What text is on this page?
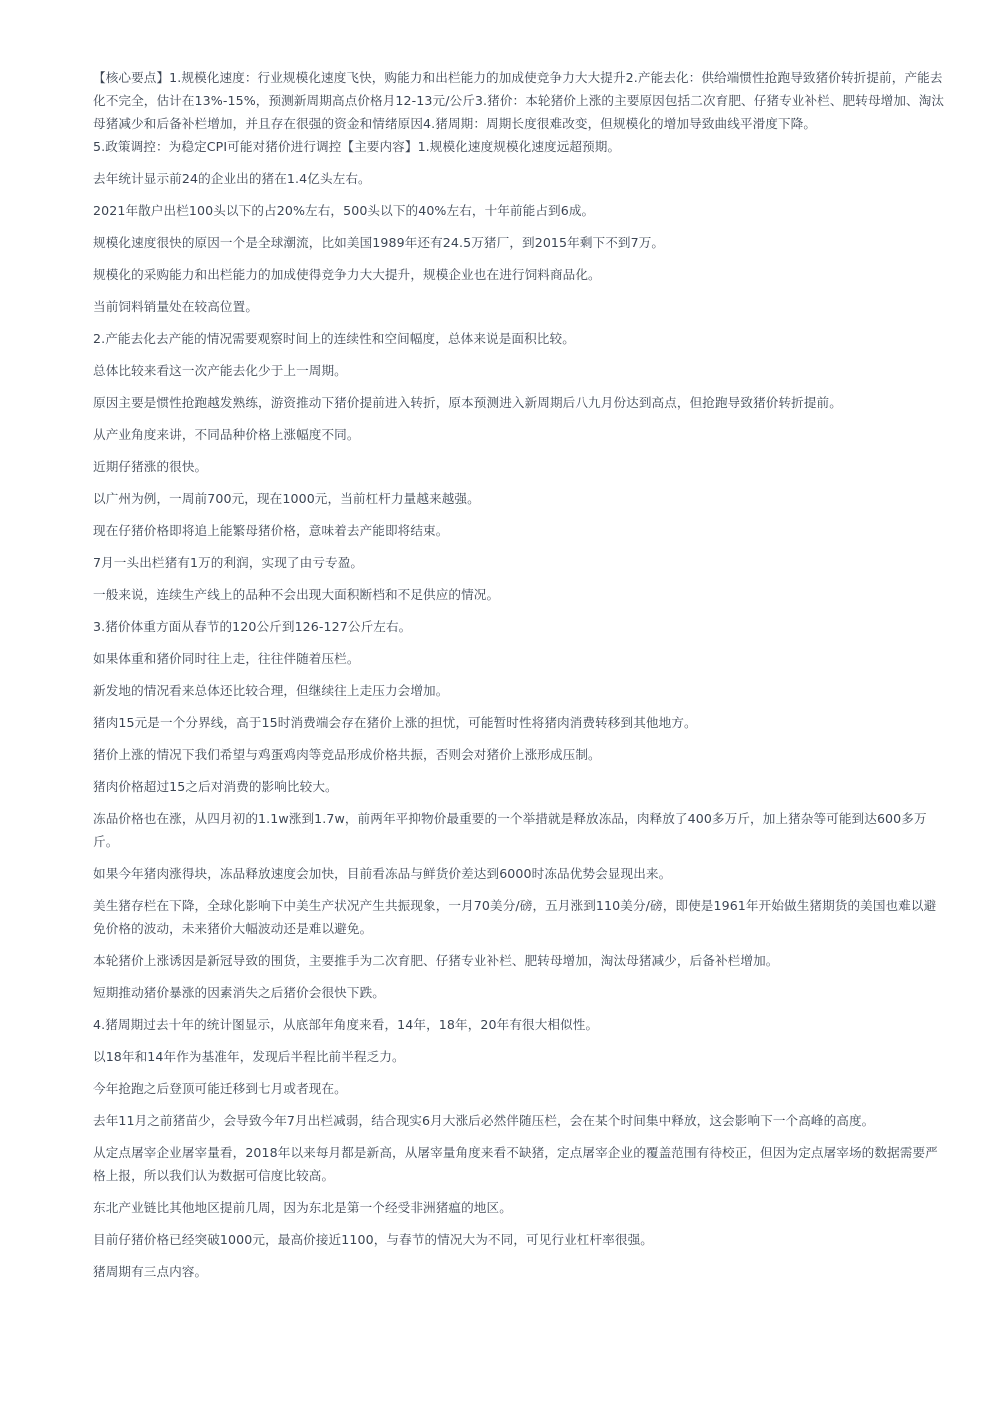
【核心要点】1.规模化速度：行业规模化速度飞快，购能力和出栏能力的加成使竞争力大大提升2.产能去化：供给端惯性抢跑导致猪价转折提前，产能去化不完全，估计在13%-15%，预测新周期高点价格月12-13元/公斤3.猪价：本轮猪价上涨的主要原因包括二次育肥、仔猪专业补栏、肥转母增加、淘汰母猪减少和后备补栏增加，并且存在很强的资金和情绪原因4.猪周期：周期长度很难改变，但规模化的增加导致曲线平滑度下降。

5.政策调控：为稳定CPI可能对猪价进行调控【主要内容】1.规模化速度规模化速度远超预期。

去年统计显示前24的企业出的猪在1.4亿头左右。

2021年散户出栏100头以下的占20%左右，500头以下的40%左右，十年前能占到6成。

规模化速度很快的原因一个是全球潮流，比如美国1989年还有24.5万猪厂，到2015年剩下不到7万。

规模化的采购能力和出栏能力的加成使得竞争力大大提升，规模企业也在进行饲料商品化。

当前饲料销量处在较高位置。

2.产能去化去产能的情况需要观察时间上的连续性和空间幅度，总体来说是面积比较。

总体比较来看这一次产能去化少于上一周期。

原因主要是惯性抢跑越发熟练，游资推动下猪价提前进入转折，原本预测进入新周期后八九月份达到高点，但抢跑导致猪价转折提前。

从产业角度来讲，不同品种价格上涨幅度不同。

近期仔猪涨的很快。

以广州为例，一周前700元，现在1000元，当前杠杆力量越来越强。

现在仔猪价格即将追上能繁母猪价格，意味着去产能即将结束。

7月一头出栏猪有1万的利润，实现了由亏专盈。

一般来说，连续生产线上的品种不会出现大面积断档和不足供应的情况。

3.猪价体重方面从春节的120公斤到126-127公斤左右。

如果体重和猪价同时往上走，往往伴随着压栏。

新发地的情况看来总体还比较合理，但继续往上走压力会增加。

猪肉15元是一个分界线，高于15时消费端会存在猪价上涨的担忧，可能暂时性将猪肉消费转移到其他地方。

猪价上涨的情况下我们希望与鸡蛋鸡肉等竞品形成价格共振，否则会对猪价上涨形成压制。

猪肉价格超过15之后对消费的影响比较大。

冻品价格也在涨，从四月初的1.1w涨到1.7w，前两年平抑物价最重要的一个举措就是释放冻品，肉释放了400多万斤，加上猪杂等可能到达600多万斤。

如果今年猪肉涨得块，冻品释放速度会加快，目前看冻品与鲜货价差达到6000时冻品优势会显现出来。

美生猪存栏在下降，全球化影响下中美生产状况产生共振现象，一月70美分/磅，五月涨到110美分/磅，即使是1961年开始做生猪期货的美国也难以避免价格的波动，未来猪价大幅波动还是难以避免。

本轮猪价上涨诱因是新冠导致的围货，主要推手为二次育肥、仔猪专业补栏、肥转母增加，淘汰母猪减少，后备补栏增加。

短期推动猪价暴涨的因素消失之后猪价会很快下跌。

4.猪周期过去十年的统计图显示，从底部年角度来看，14年，18年，20年有很大相似性。

以18年和14年作为基准年，发现后半程比前半程乏力。

今年抢跑之后登顶可能迁移到七月或者现在。

去年11月之前猪苗少，会导致今年7月出栏减弱，结合现实6月大涨后必然伴随压栏，会在某个时间集中释放，这会影响下一个高峰的高度。

从定点屠宰企业屠宰量看，2018年以来每月都是新高，从屠宰量角度来看不缺猪，定点屠宰企业的覆盖范围有待校正，但因为定点屠宰场的数据需要严格上报，所以我们认为数据可信度比较高。

东北产业链比其他地区提前几周，因为东北是第一个经受非洲猪瘟的地区。

目前仔猪价格已经突破1000元，最高价接近1100，与春节的情况大为不同，可见行业杠杆率很强。

猪周期有三点内容。
